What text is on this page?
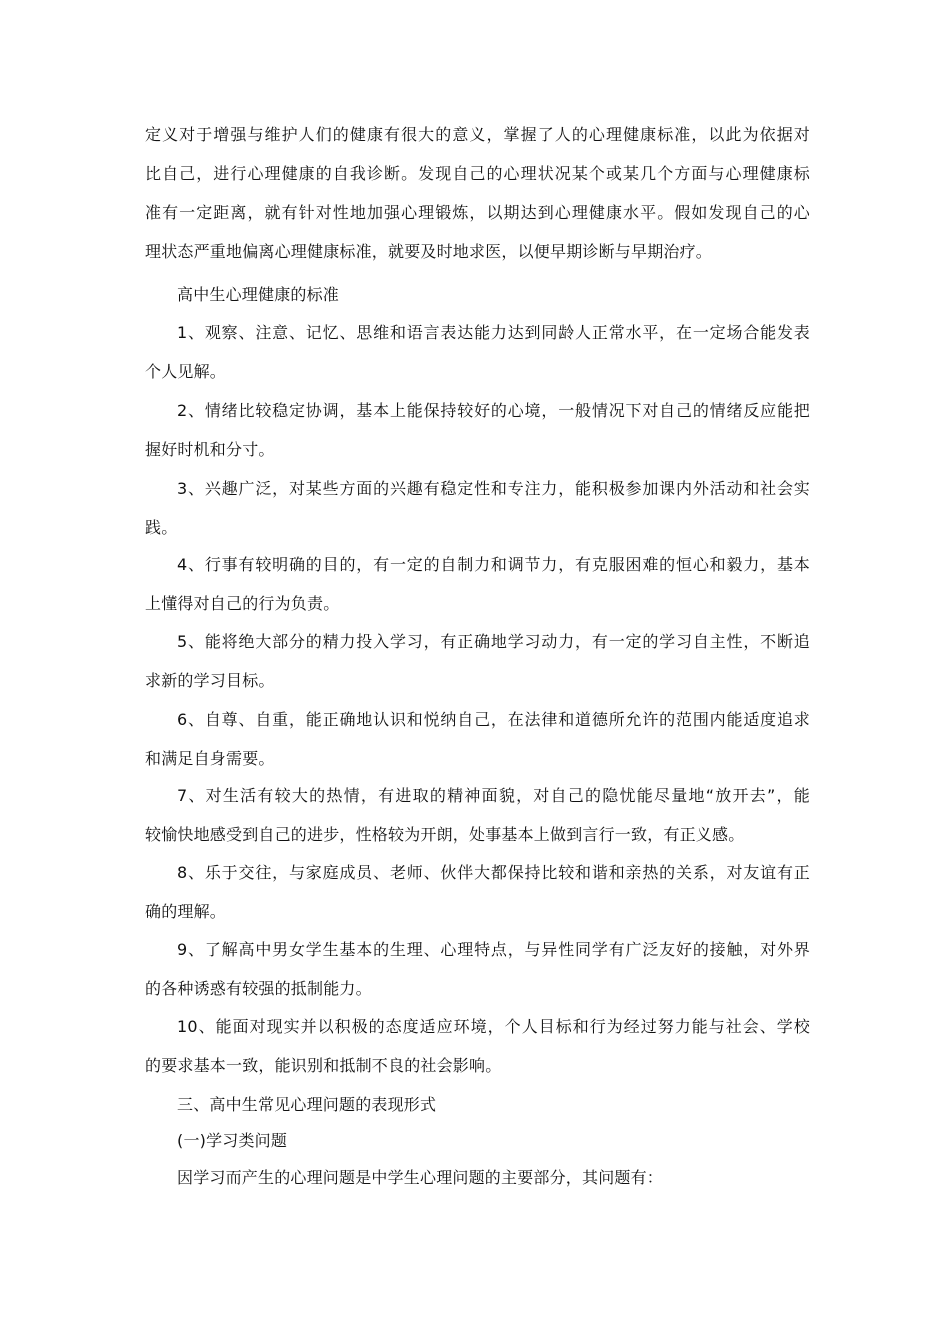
定义对于增强与维护人们的健康有很大的意义，掌握了人的心理健康标准，以此为依据对
比自己，进行心理健康的自我诊断。发现自己的心理状况某个或某几个方面与心理健康标
准有一定距离，就有针对性地加强心理锻炼，以期达到心理健康水平。假如发现自己的心
理状态严重地偏离心理健康标准，就要及时地求医，以便早期诊断与早期治疗。
高中生心理健康的标准
1、观察、注意、记忆、思维和语言表达能力达到同龄人正常水平，在一定场合能发表
个人见解。
2、情绪比较稳定协调，基本上能保持较好的心境，一般情况下对自己的情绪反应能把
握好时机和分寸。
3、兴趣广泛，对某些方面的兴趣有稳定性和专注力，能积极参加课内外活动和社会实
践。
4、行事有较明确的目的，有一定的自制力和调节力，有克服困难的恒心和毅力，基本
上懂得对自己的行为负责。
5、能将绝大部分的精力投入学习，有正确地学习动力，有一定的学习自主性，不断追
求新的学习目标。
6、自尊、自重，能正确地认识和悦纳自己，在法律和道德所允许的范围内能适度追求
和满足自身需要。
7、对生活有较大的热情，有进取的精神面貌，对自己的隐忧能尽量地“放开去”，能
较愉快地感受到自己的进步，性格较为开朗，处事基本上做到言行一致，有正义感。
8、乐于交往，与家庭成员、老师、伙伴大都保持比较和谐和亲热的关系，对友谊有正
确的理解。
9、了解高中男女学生基本的生理、心理特点，与异性同学有广泛友好的接触，对外界
的各种诱惑有较强的抵制能力。
10、能面对现实并以积极的态度适应环境，个人目标和行为经过努力能与社会、学校
的要求基本一致，能识别和抵制不良的社会影响。
三、高中生常见心理问题的表现形式
(一)学习类问题
因学习而产生的心理问题是中学生心理问题的主要部分，其问题有：
